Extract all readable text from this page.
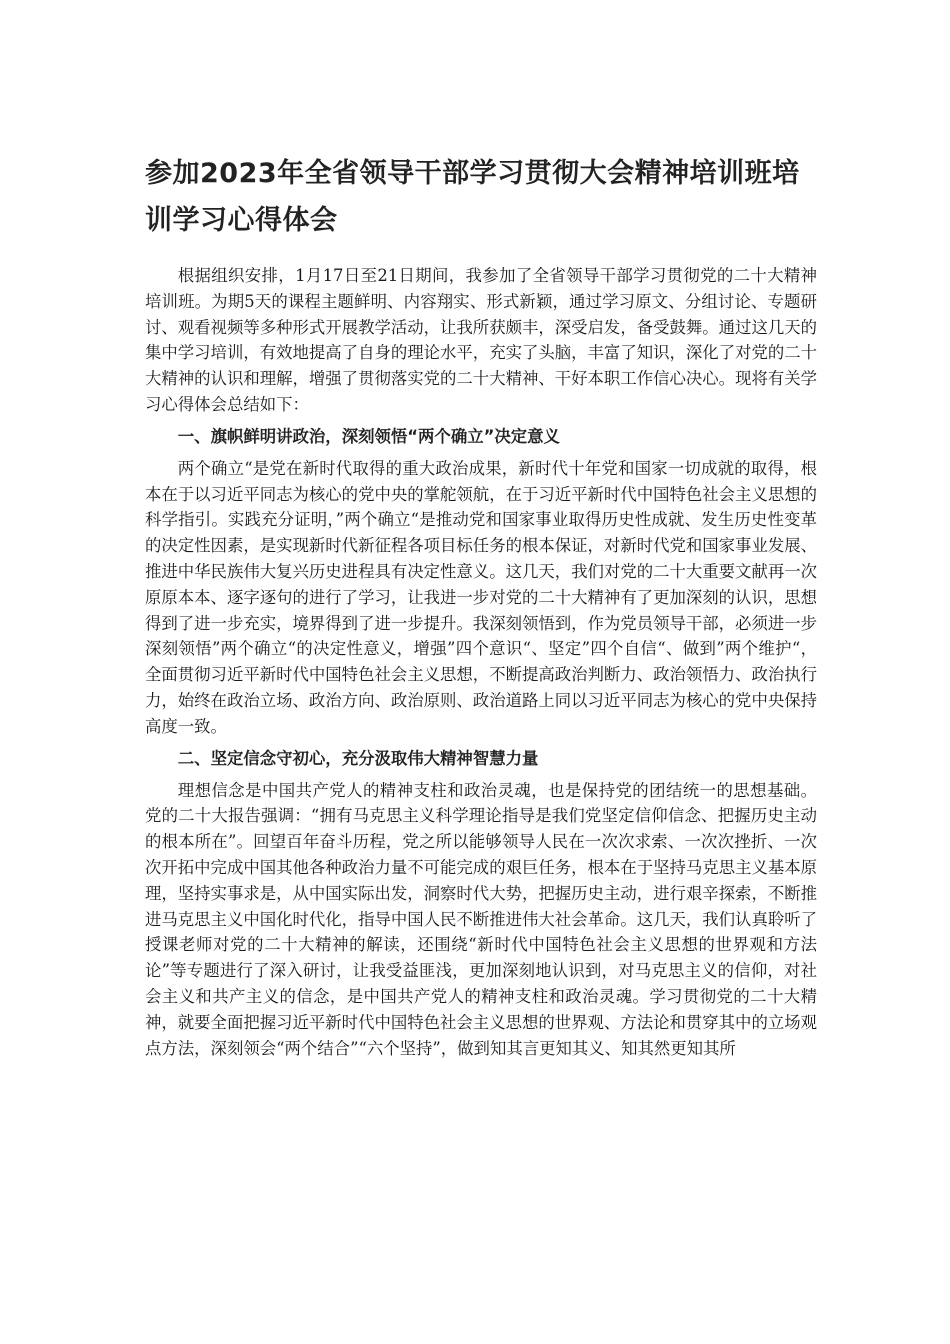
参加2023年全省领导干部学习贯彻大会精神培训班培训学习心得体会

根据组织安排，1月17日至21日期间，我参加了全省领导干部学习贯彻党的二十大精神培训班。为期5天的课程主题鲜明、内容翔实、形式新颖，通过学习原文、分组讨论、专题研讨、观看视频等多种形式开展教学活动，让我所获颇丰，深受启发，备受鼓舞。通过这几天的集中学习培训，有效地提高了自身的理论水平，充实了头脑，丰富了知识，深化了对党的二十大精神的认识和理解，增强了贯彻落实党的二十大精神、干好本职工作信心决心。现将有关学习心得体会总结如下：

一、旗帜鲜明讲政治，深刻领悟“两个确立”决定意义

两个确立“是党在新时代取得的重大政治成果，新时代十年党和国家一切成就的取得，根本在于以习近平同志为核心的党中央的掌舵领航，在于习近平新时代中国特色社会主义思想的科学指引。实践充分证明，”两个确立“是推动党和国家事业取得历史性成就、发生历史性变革的决定性因素，是实现新时代新征程各项目标任务的根本保证，对新时代党和国家事业发展、推进中华民族伟大复兴历史进程具有决定性意义。这几天，我们对党的二十大重要文献再一次原原本本、逐字逐句的进行了学习，让我进一步对党的二十大精神有了更加深刻的认识，思想得到了进一步充实，境界得到了进一步提升。我深刻领悟到，作为党员领导干部，必须进一步深刻领悟”两个确立“的决定性意义，增强”四个意识“、坚定”四个自信“、做到”两个维护“，全面贯彻习近平新时代中国特色社会主义思想，不断提高政治判断力、政治领悟力、政治执行力，始终在政治立场、政治方向、政治原则、政治道路上同以习近平同志为核心的党中央保持高度一致。

二、坚定信念守初心，充分汲取伟大精神智慧力量

理想信念是中国共产党人的精神支柱和政治灵魂，也是保持党的团结统一的思想基础。党的二十大报告强调：“拥有马克思主义科学理论指导是我们党坚定信仰信念、把握历史主动的根本所在”。回望百年奋斗历程，党之所以能够领导人民在一次次求索、一次次挫折、一次次开拓中完成中国其他各种政治力量不可能完成的艰巨任务，根本在于坚持马克思主义基本原理，坚持实事求是，从中国实际出发，洞察时代大势，把握历史主动，进行艰辛探索，不断推进马克思主义中国化时代化，指导中国人民不断推进伟大社会革命。这几天，我们认真聆听了授课老师对党的二十大精神的解读，还围绕“新时代中国特色社会主义思想的世界观和方法论”等专题进行了深入研讨，让我受益匪浅，更加深刻地认识到，对马克思主义的信仰，对社会主义和共产主义的信念，是中国共产党人的精神支柱和政治灵魂。学习贯彻党的二十大精神，就要全面把握习近平新时代中国特色社会主义思想的世界观、方法论和贯穿其中的立场观点方法，深刻领会“两个结合”“六个坚持”，做到知其言更知其义、知其然更知其所
